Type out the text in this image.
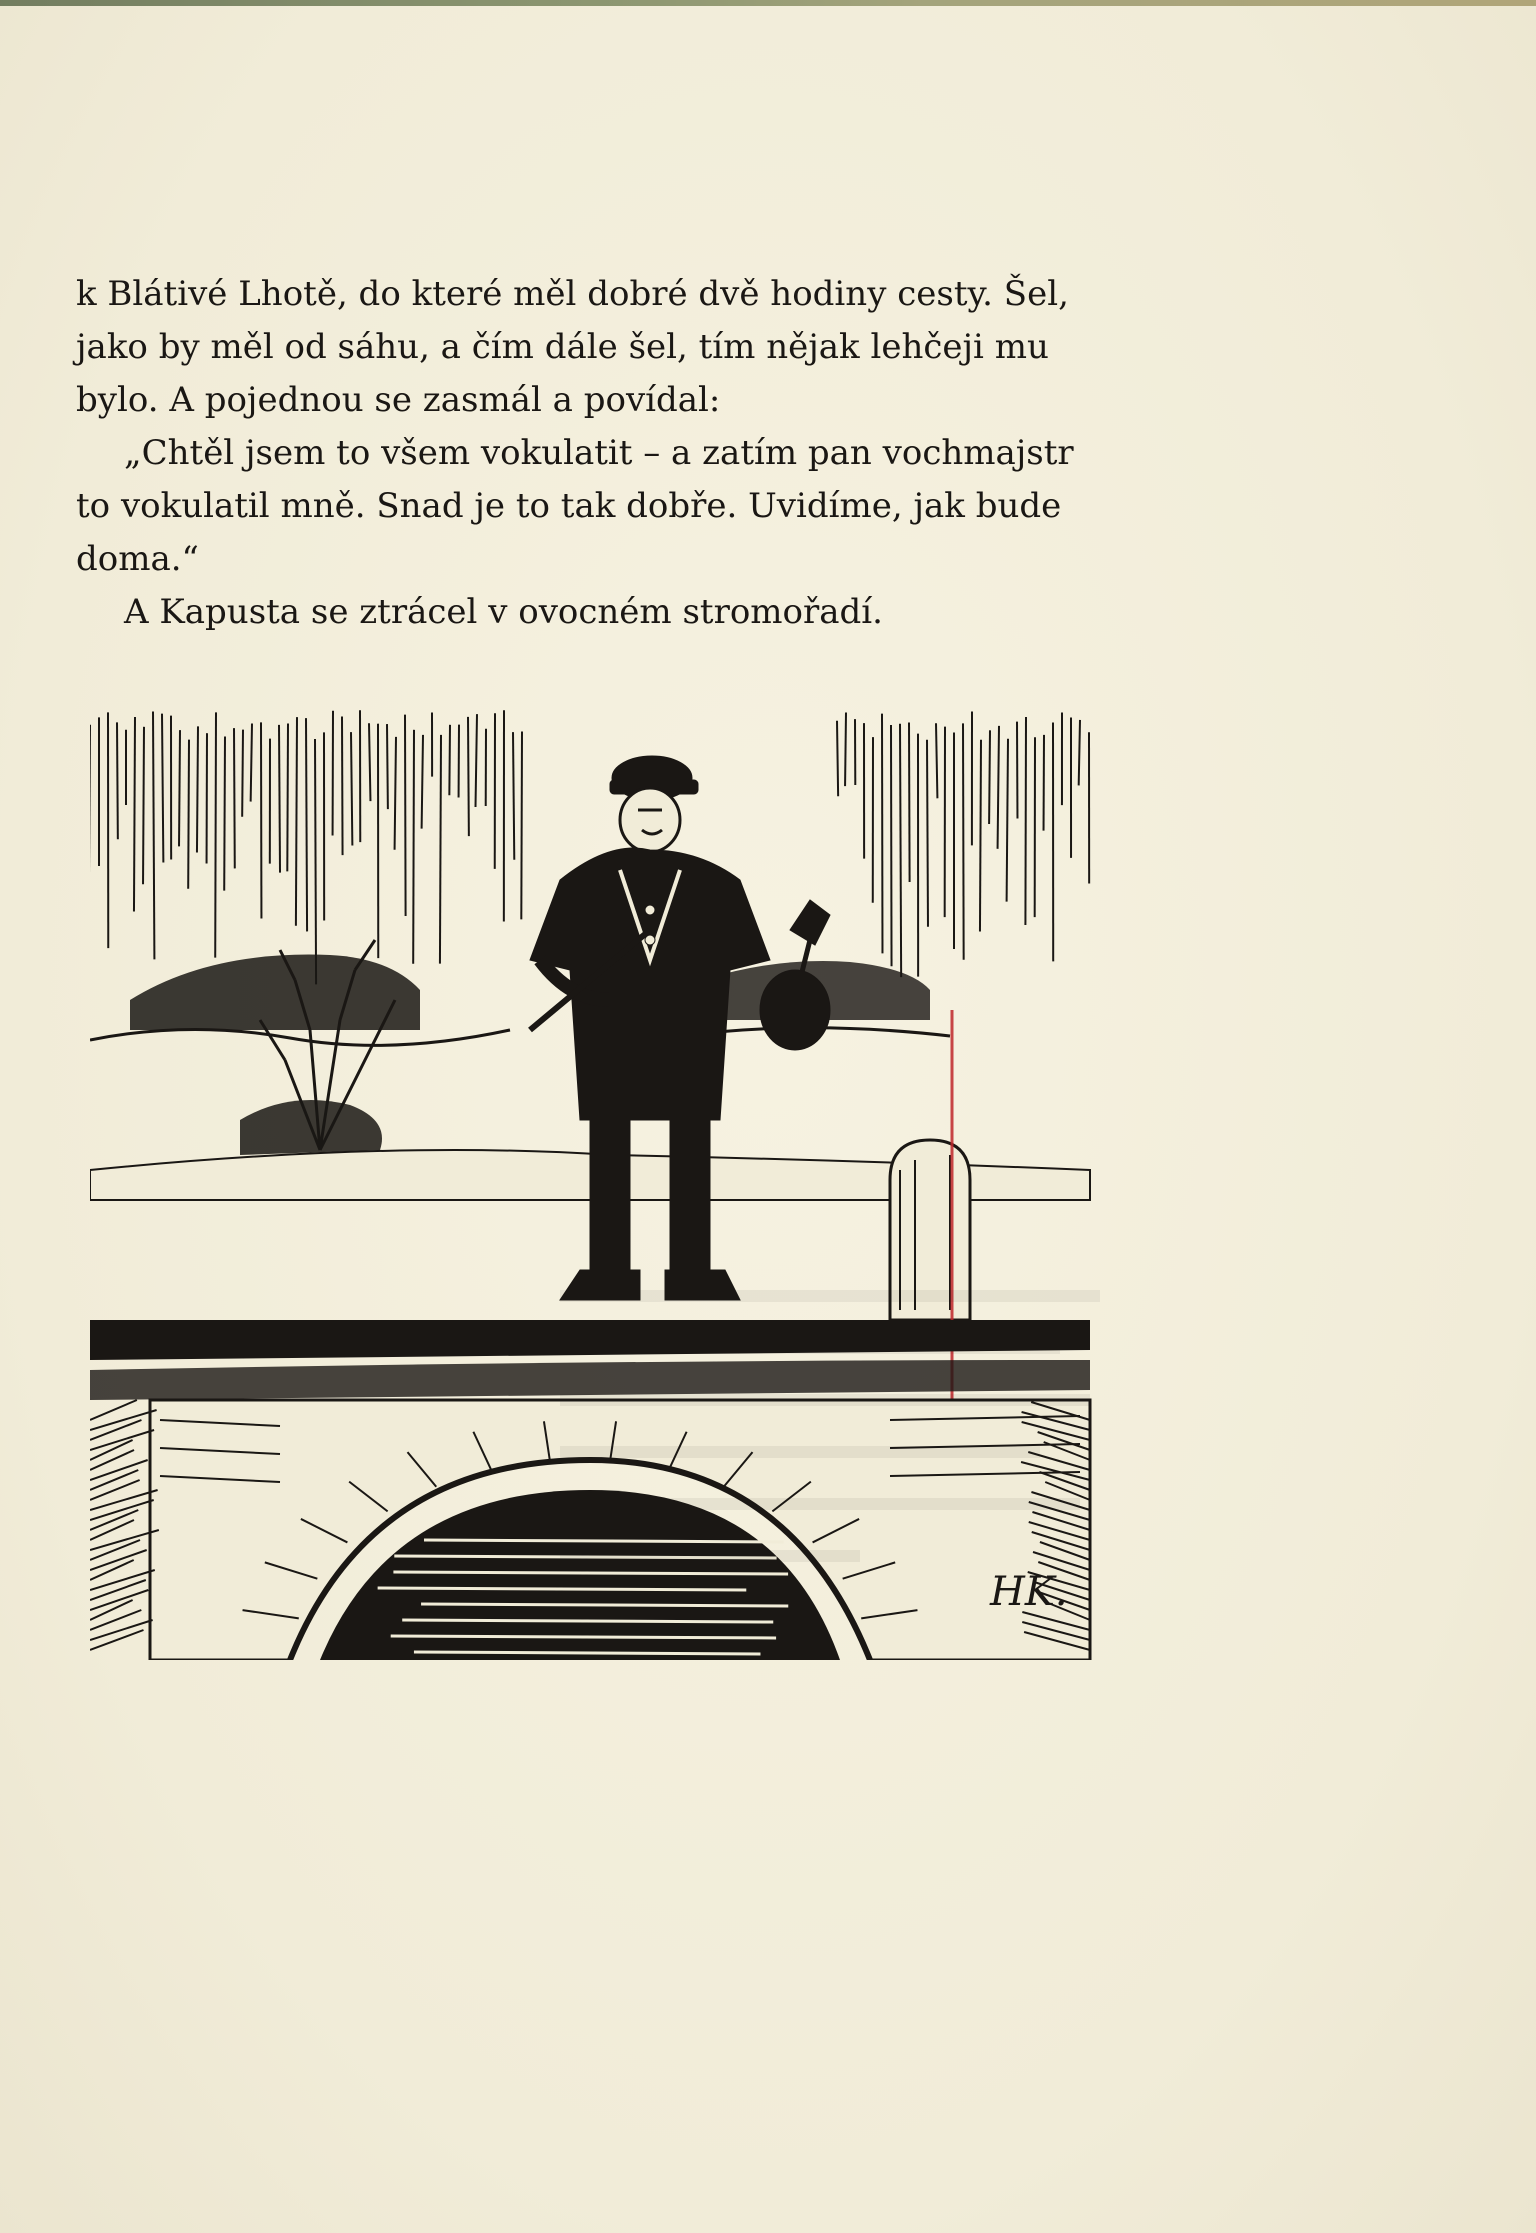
k Blátivé Lhotě, do které měl dobré dvě hodiny cesty. Šel,

jako by měl od sáhu, a čím dále šel, tím nějak lehčeji mu

bylo. A pojednou se zasmál a povídal:

„Chtěl jsem to všem vokulatit – a zatím pan vochmajstr

to vokulatil mně. Snad je to tak dobře. Uvidíme, jak bude

doma.“

A Kapusta se ztrácel v ovocném stromořadí.

HK.
